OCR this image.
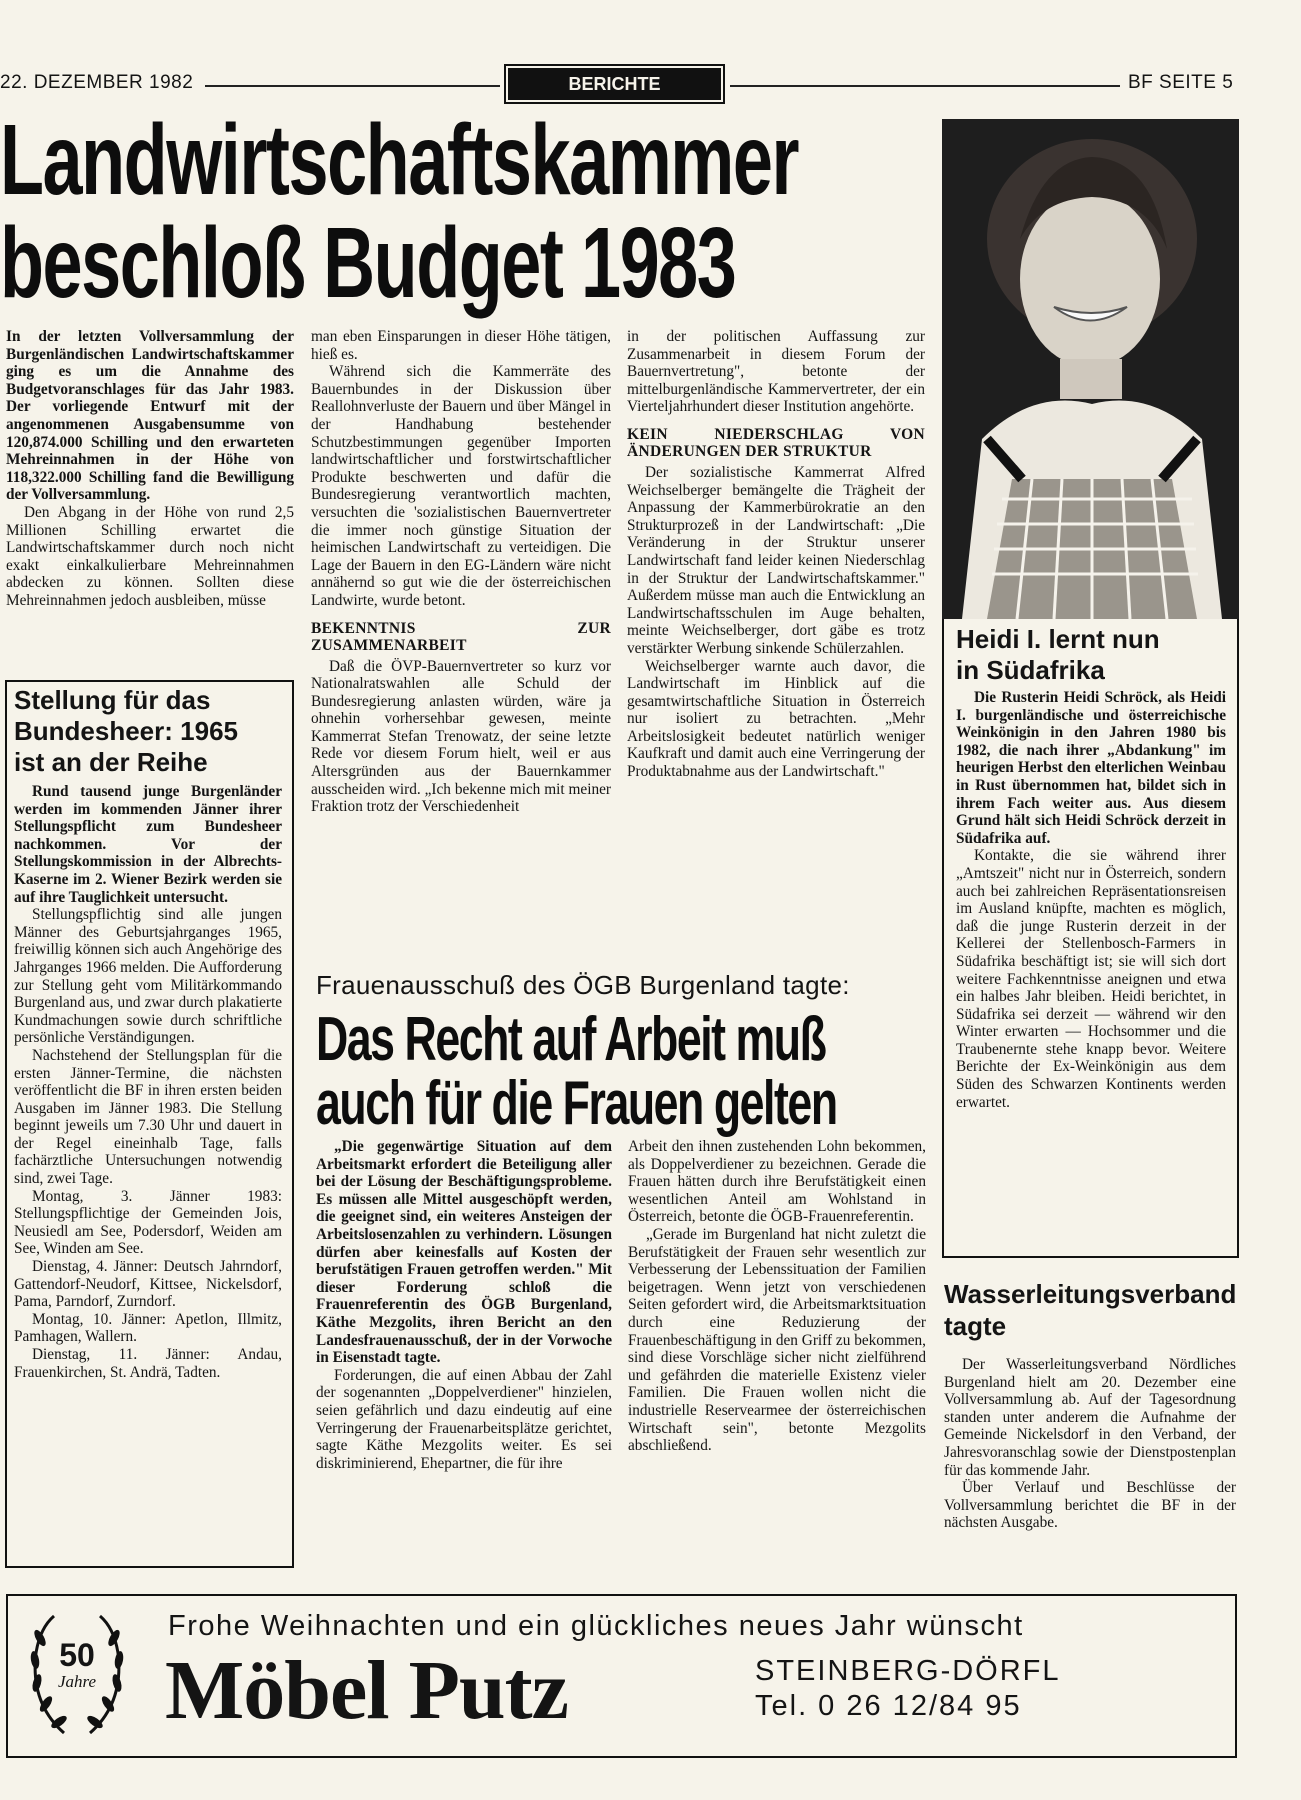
22. DEZEMBER 1982	BERICHTE	BF SEITE 5
Landwirtschaftskammer
beschloß Budget 1983

In der letzten Vollversammlung der Burgenländischen Landwirtschaftskammer ging es um die Annahme des Budgetvoranschlages für das Jahr 1983. Der vorliegende Entwurf mit der angenommenen Ausgabensumme von 120,874.000 Schilling und den erwarteten Mehreinnahmen in der Höhe von 118,322.000 Schilling fand die Bewilligung der Vollversammlung.

Den Abgang in der Höhe von rund 2,5 Millionen Schilling erwartet die Landwirtschaftskammer durch noch nicht exakt einkalkulierbare Mehreinnahmen abdecken zu können. Sollten diese Mehreinnahmen jedoch ausbleiben, müsse

man eben Einsparungen in dieser Höhe tätigen, hieß es.

Während sich die Kammerräte des Bauernbundes in der Diskussion über Reallohnverluste der Bauern und über Mängel in der Handhabung bestehender Schutzbestimmungen gegenüber Importen landwirtschaftlicher und forstwirtschaftlicher Produkte beschwerten und dafür die Bundesregierung verantwortlich machten, versuchten die 'sozialistischen Bauernvertreter die immer noch günstige Situation der heimischen Landwirtschaft zu verteidigen. Die Lage der Bauern in den EG-Ländern wäre nicht annähernd so gut wie die der österreichischen Landwirte, wurde betont.

BEKENNTNIS ZUR ZUSAMMENARBEIT

Daß die ÖVP-Bauernvertreter so kurz vor Nationalratswahlen alle Schuld der Bundesregierung anlasten würden, wäre ja ohnehin vorhersehbar gewesen, meinte Kammerrat Stefan Trenowatz, der seine letzte Rede vor diesem Forum hielt, weil er aus Altersgründen aus der Bauernkammer ausscheiden wird. „Ich bekenne mich mit meiner Fraktion trotz der Verschiedenheit

in der politischen Auffassung zur Zusammenarbeit in diesem Forum der Bauernvertretung", betonte der mittelburgenländische Kammervertreter, der ein Vierteljahrhundert dieser Institution angehörte.

KEIN NIEDERSCHLAG VON ÄNDERUNGEN DER STRUKTUR

Der sozialistische Kammerrat Alfred Weichselberger bemängelte die Trägheit der Anpassung der Kammerbürokratie an den Strukturprozeß in der Landwirtschaft: „Die Veränderung in der Struktur unserer Landwirtschaft fand leider keinen Niederschlag in der Struktur der Landwirtschaftskammer." Außerdem müsse man auch die Entwicklung an Landwirtschaftsschulen im Auge behalten, meinte Weichselberger, dort gäbe es trotz verstärkter Werbung sinkende Schülerzahlen.

Weichselberger warnte auch davor, die Landwirtschaft im Hinblick auf die gesamtwirtschaftliche Situation in Österreich nur isoliert zu betrachten. „Mehr Arbeitslosigkeit bedeutet natürlich weniger Kaufkraft und damit auch eine Verringerung der Produktabnahme aus der Landwirtschaft."

Heidi I. lernt nun in Südafrika

Die Rusterin Heidi Schröck, als Heidi I. burgenländische und österreichische Weinkönigin in den Jahren 1980 bis 1982, die nach ihrer „Abdankung" im heurigen Herbst den elterlichen Weinbau in Rust übernommen hat, bildet sich in ihrem Fach weiter aus. Aus diesem Grund hält sich Heidi Schröck derzeit in Südafrika auf.

Kontakte, die sie während ihrer „Amtszeit" nicht nur in Österreich, sondern auch bei zahlreichen Repräsentationsreisen im Ausland knüpfte, machten es möglich, daß die junge Rusterin derzeit in der Kellerei der Stellenbosch-Farmers in Südafrika beschäftigt ist; sie will sich dort weitere Fachkenntnisse aneignen und etwa ein halbes Jahr bleiben. Heidi berichtet, in Südafrika sei derzeit — während wir den Winter erwarten — Hochsommer und die Traubenernte stehe knapp bevor. Weitere Berichte der Ex-Weinkönigin aus dem Süden des Schwarzen Kontinents werden erwartet.

Stellung für das Bundesheer: 1965 ist an der Reihe

Rund tausend junge Burgenländer werden im kommenden Jänner ihrer Stellungspflicht zum Bundesheer nachkommen. Vor der Stellungskommission in der Albrechts-Kaserne im 2. Wiener Bezirk werden sie auf ihre Tauglichkeit untersucht.

Stellungspflichtig sind alle jungen Männer des Geburtsjahrganges 1965, freiwillig können sich auch Angehörige des Jahrganges 1966 melden. Die Aufforderung zur Stellung geht vom Militärkommando Burgenland aus, und zwar durch plakatierte Kundmachungen sowie durch schriftliche persönliche Verständigungen.

Nachstehend der Stellungsplan für die ersten Jänner-Termine, die nächsten veröffentlicht die BF in ihren ersten beiden Ausgaben im Jänner 1983. Die Stellung beginnt jeweils um 7.30 Uhr und dauert in der Regel eineinhalb Tage, falls fachärztliche Untersuchungen notwendig sind, zwei Tage.

Montag, 3. Jänner 1983: Stellungspflichtige der Gemeinden Jois, Neusiedl am See, Podersdorf, Weiden am See, Winden am See.

Dienstag, 4. Jänner: Deutsch Jahrndorf, Gattendorf-Neudorf, Kittsee, Nickelsdorf, Pama, Parndorf, Zurndorf.

Montag, 10. Jänner: Apetlon, Illmitz, Pamhagen, Wallern.

Dienstag, 11. Jänner: Andau, Frauenkirchen, St. Andrä, Tadten.

Frauenausschuß des ÖGB Burgenland tagte:
Das Recht auf Arbeit muß
auch für die Frauen gelten

„Die gegenwärtige Situation auf dem Arbeitsmarkt erfordert die Beteiligung aller bei der Lösung der Beschäftigungsprobleme. Es müssen alle Mittel ausgeschöpft werden, die geeignet sind, ein weiteres Ansteigen der Arbeitslosenzahlen zu verhindern. Lösungen dürfen aber keinesfalls auf Kosten der berufstätigen Frauen getroffen werden." Mit dieser Forderung schloß die Frauenreferentin des ÖGB Burgenland, Käthe Mezgolits, ihren Bericht an den Landesfrauenausschuß, der in der Vorwoche in Eisenstadt tagte.

Forderungen, die auf einen Abbau der Zahl der sogenannten „Doppelverdiener" hinzielen, seien gefährlich und dazu eindeutig auf eine Verringerung der Frauenarbeitsplätze gerichtet, sagte Käthe Mezgolits weiter. Es sei diskriminierend, Ehepartner, die für ihre

Arbeit den ihnen zustehenden Lohn bekommen, als Doppelverdiener zu bezeichnen. Gerade die Frauen hätten durch ihre Berufstätigkeit einen wesentlichen Anteil am Wohlstand in Österreich, betonte die ÖGB-Frauenreferentin.

„Gerade im Burgenland hat nicht zuletzt die Berufstätigkeit der Frauen sehr wesentlich zur Verbesserung der Lebenssituation der Familien beigetragen. Wenn jetzt von verschiedenen Seiten gefordert wird, die Arbeitsmarktsituation durch eine Reduzierung der Frauenbeschäftigung in den Griff zu bekommen, sind diese Vorschläge sicher nicht zielführend und gefährden die materielle Existenz vieler Familien. Die Frauen wollen nicht die industrielle Reservearmee der österreichischen Wirtschaft sein", betonte Mezgolits abschließend.

Wasserleitungsverband tagte

Der Wasserleitungsverband Nördliches Burgenland hielt am 20. Dezember eine Vollversammlung ab. Auf der Tagesordnung standen unter anderem die Aufnahme der Gemeinde Nickelsdorf in den Verband, der Jahresvoranschlag sowie der Dienstpostenplan für das kommende Jahr.

Über Verlauf und Beschlüsse der Vollversammlung berichtet die BF in der nächsten Ausgabe.

50
Jahre
Frohe Weihnachten und ein glückliches neues Jahr wünscht
Möbel Putz	STEINBERG-DÖRFL
Tel. 0 26 12/84 95
